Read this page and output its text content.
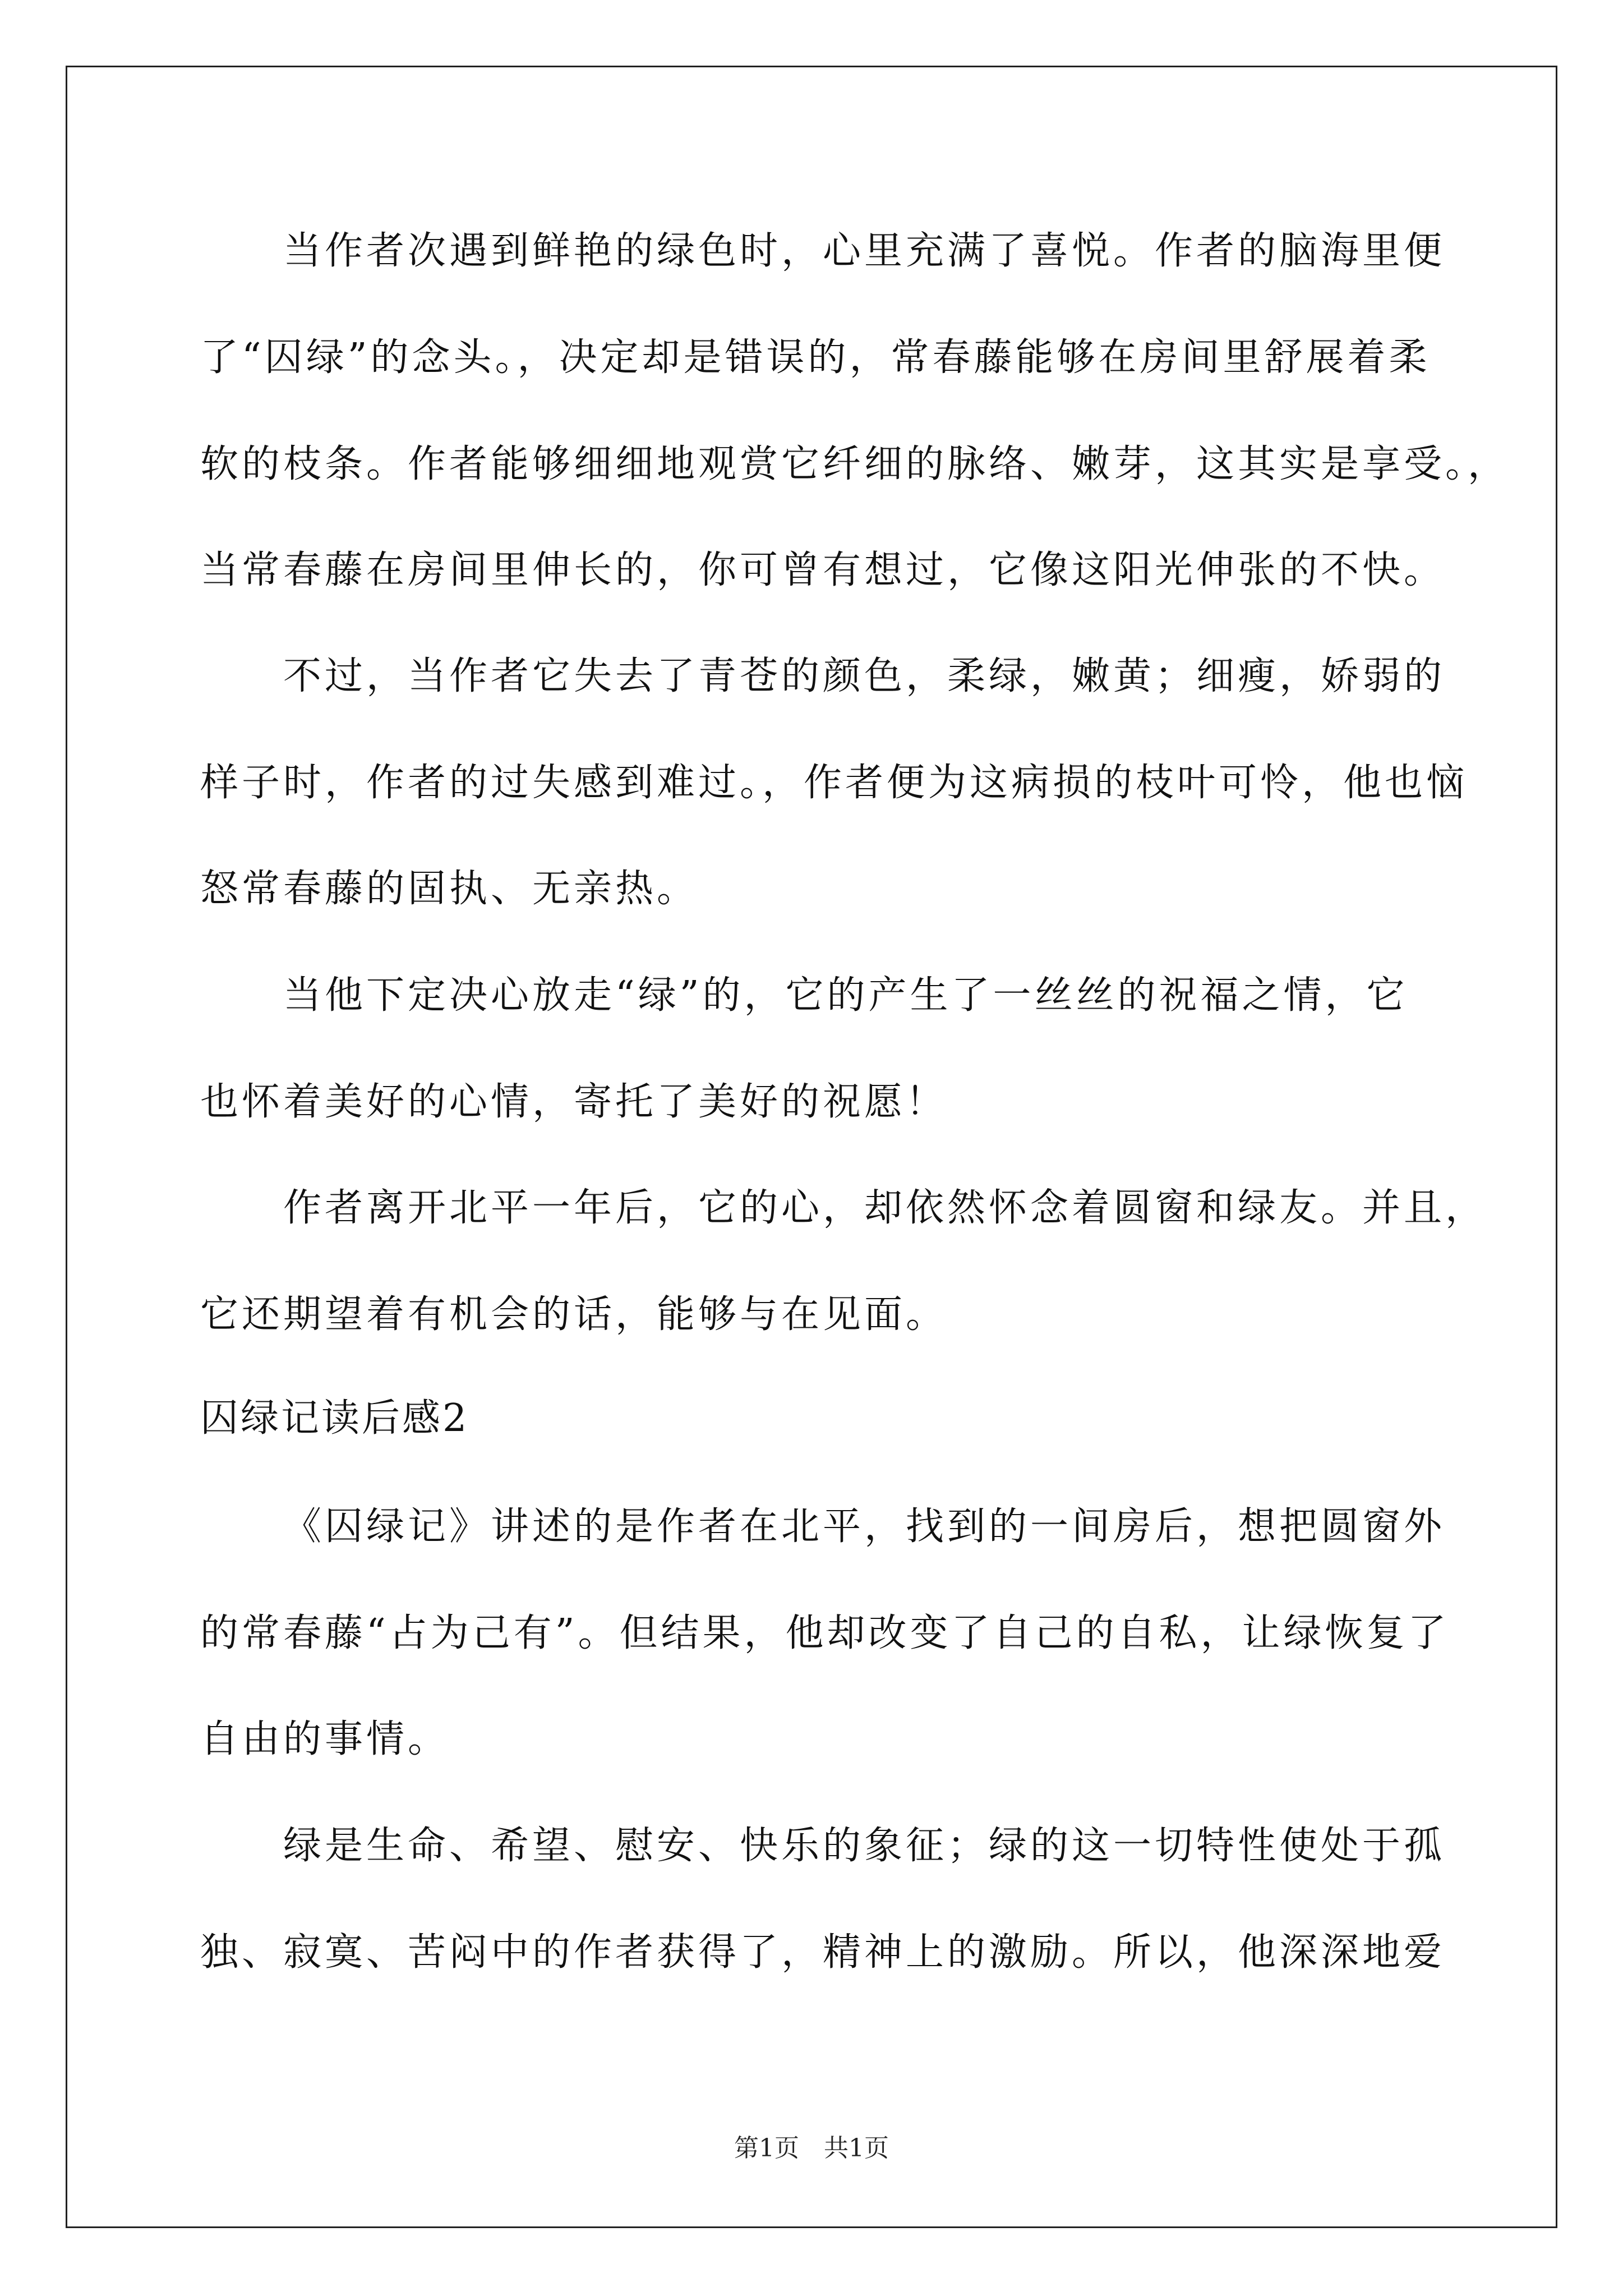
当作者次遇到鲜艳的绿色时，心里充满了喜悦。作者的脑海里便
了“囚绿”的念头。，决定却是错误的，常春藤能够在房间里舒展着柔
软的枝条。作者能够细细地观赏它纤细的脉络、嫩芽，这其实是享受。，
当常春藤在房间里伸长的，你可曾有想过，它像这阳光伸张的不快。
不过，当作者它失去了青苍的颜色，柔绿，嫩黄；细瘦，娇弱的
样子时，作者的过失感到难过。，作者便为这病损的枝叶可怜，他也恼
怒常春藤的固执、无亲热。
当他下定决心放走“绿”的，它的产生了一丝丝的祝福之情，它
也怀着美好的心情，寄托了美好的祝愿！
作者离开北平一年后，它的心，却依然怀念着圆窗和绿友。并且，
它还期望着有机会的话，能够与在见面。
囚绿记读后感2
《囚绿记》讲述的是作者在北平，找到的一间房后，想把圆窗外
的常春藤“占为己有”。但结果，他却改变了自己的自私，让绿恢复了
自由的事情。
绿是生命、希望、慰安、快乐的象征；绿的这一切特性使处于孤
独、寂寞、苦闷中的作者获得了，精神上的激励。所以，他深深地爱
第1页　共1页
